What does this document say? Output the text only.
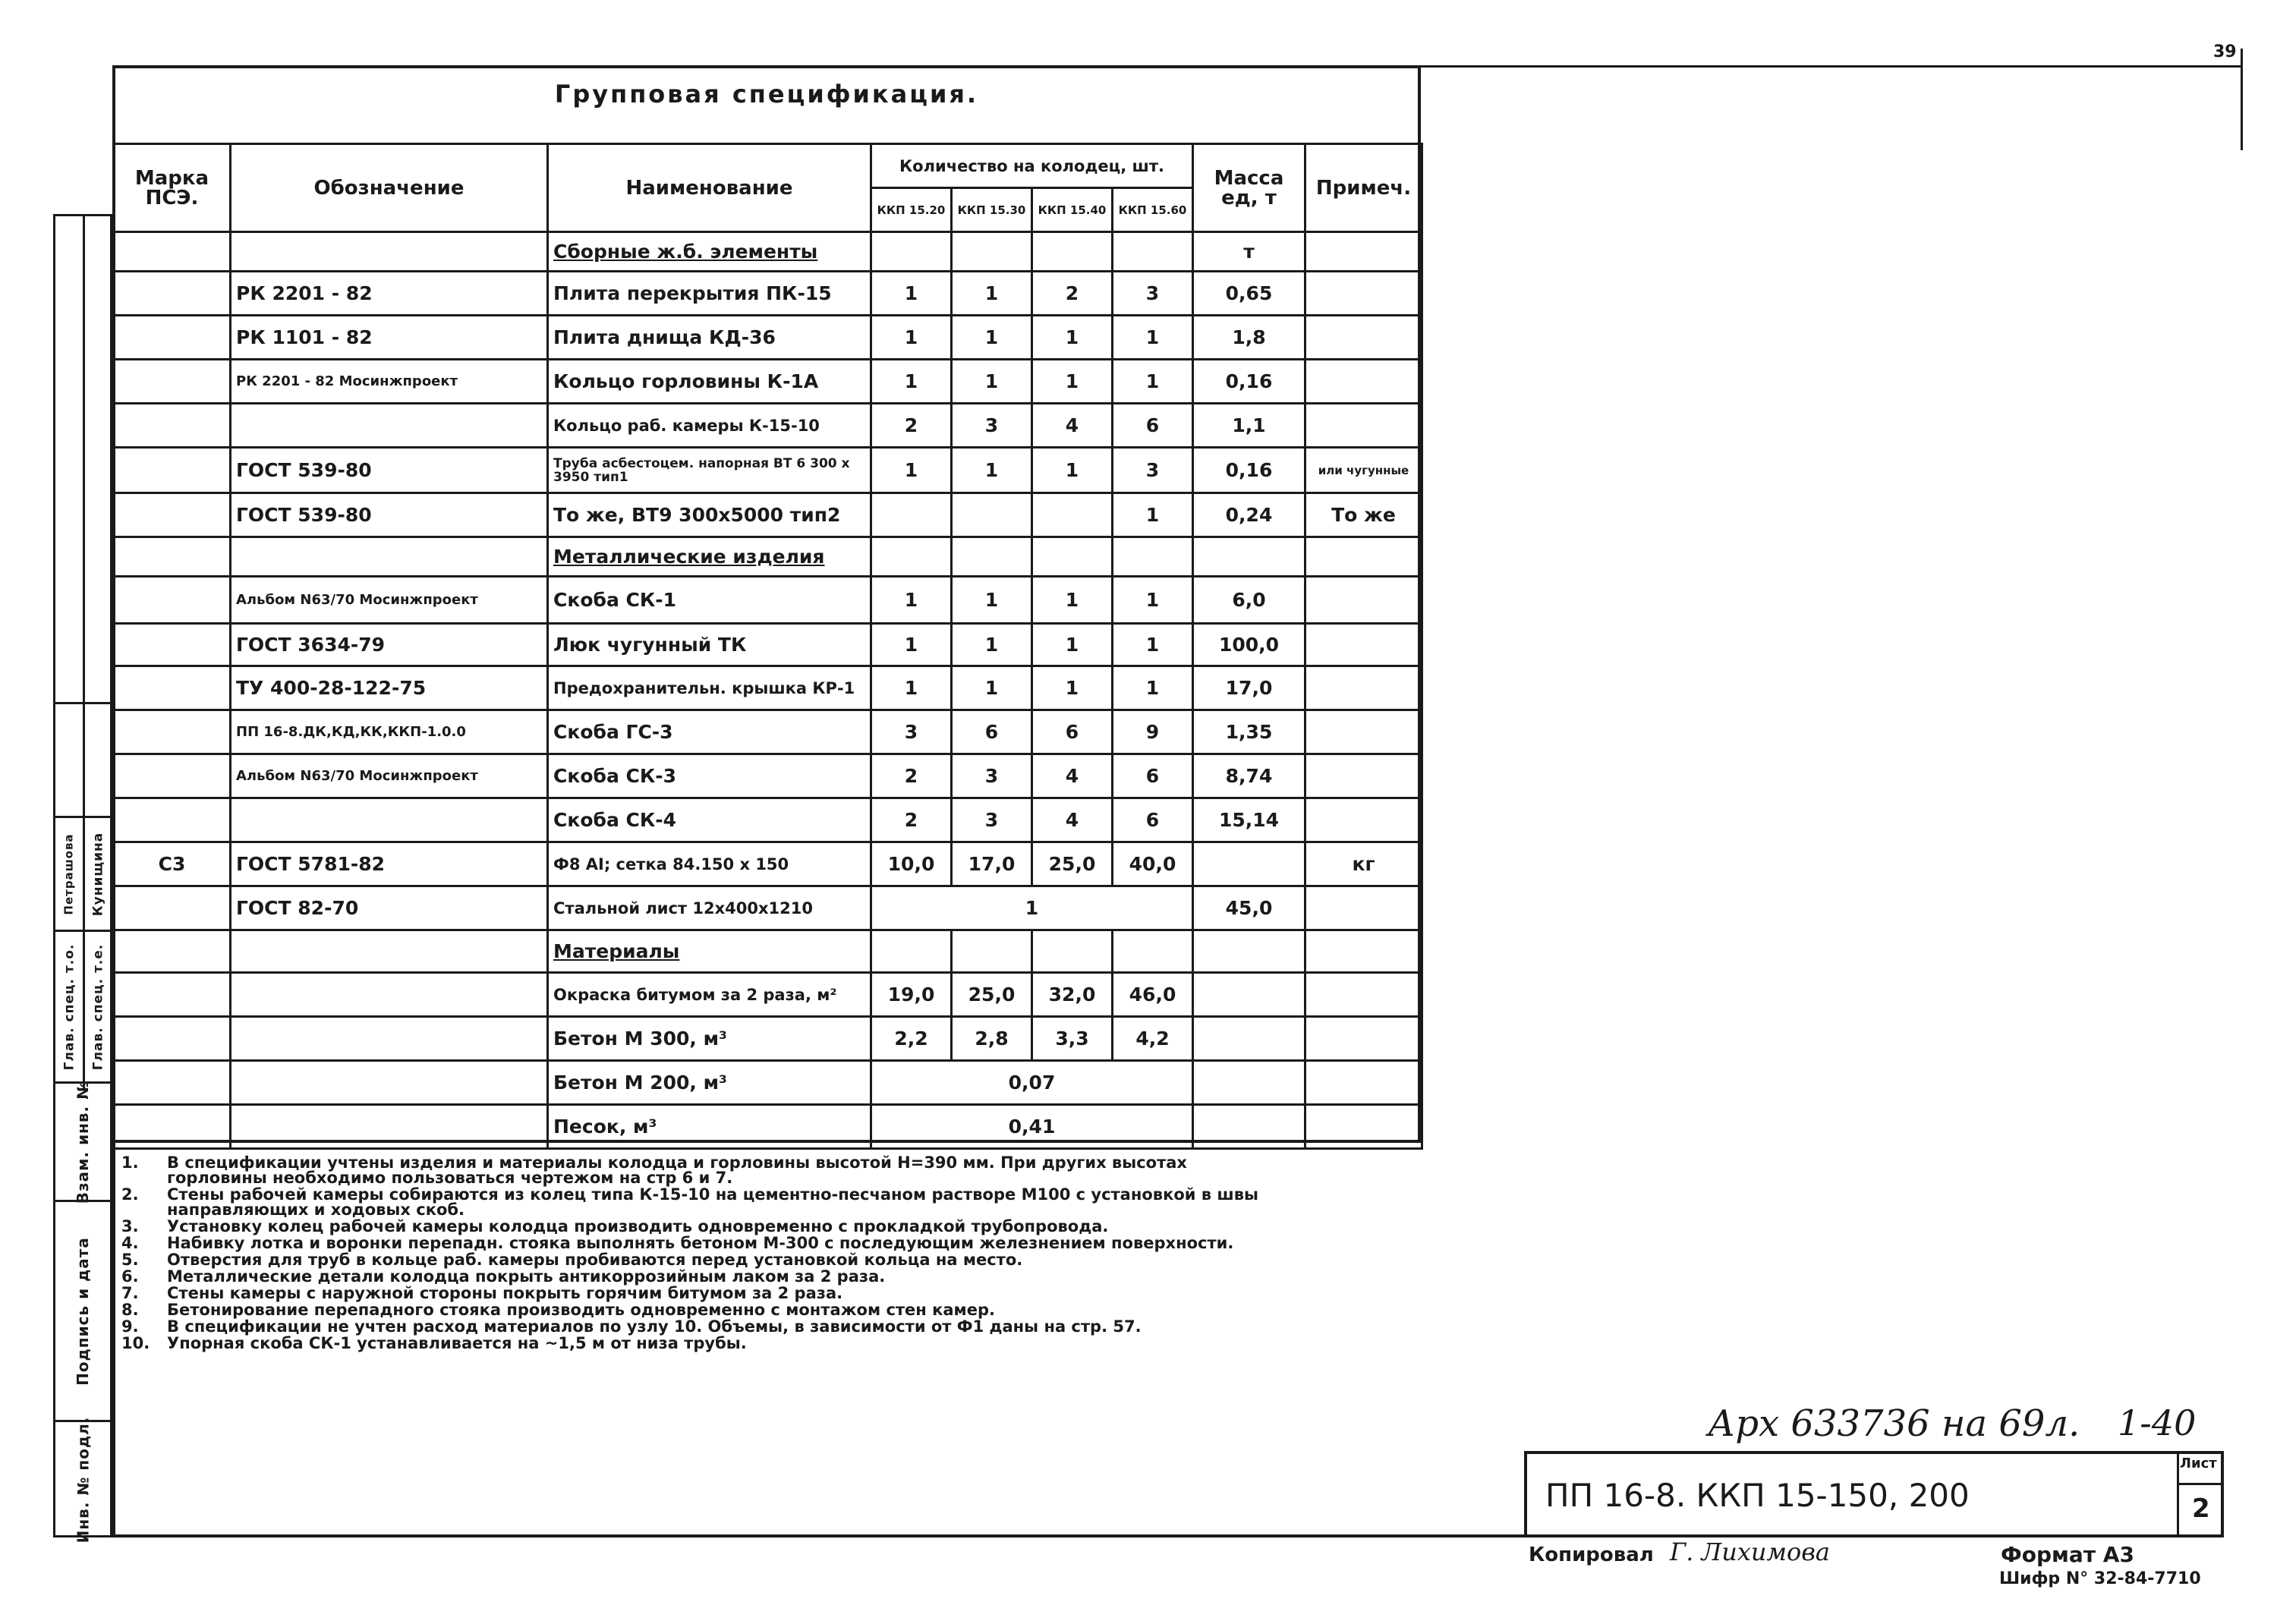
39
Групповая спецификация.
Марка ПСЭ.	Обозначение	Наименование	Количество на колодец, шт.				Масса ед, т	Примеч.
			ККП 15.20	ККП 15.30	ККП 15.40	ККП 15.60		
		Сборные ж.б. элементы					т	
	РК 2201 - 82	Плита перекрытия ПК-15	1	1	2	3	0,65	
	РК 1101 - 82	Плита днища КД-36	1	1	1	1	1,8	
	РК 2201 - 82 Мосинжпроект	Кольцо горловины К-1А	1	1	1	1	0,16	
		Кольцо раб. камеры К-15-10	2	3	4	6	1,1	
	ГОСТ 539-80	Труба асбестоцем. напорная ВТ 6 300 х 3950 тип1	1	1	1	3	0,16	или чугунные
	ГОСТ 539-80	То же, ВТ9 300х5000 тип2				1	0,24	То же
		Металлические изделия						
	Альбом N63/70 Мосинжпроект	Скоба СК-1	1	1	1	1	6,0	
	ГОСТ 3634-79	Люк чугунный ТК	1	1	1	1	100,0	
	ТУ 400-28-122-75	Предохранительн. крышка КР-1	1	1	1	1	17,0	
	ПП 16-8.ДК,КД,КК,ККП-1.0.0	Скоба ГС-3	3	6	6	9	1,35	
	Альбом N63/70 Мосинжпроект	Скоба СК-3	2	3	4	6	8,74	
		Скоба СК-4	2	3	4	6	15,14	
С3	ГОСТ 5781-82	Ф8 АI; сетка 84.150 х 150	10,0	17,0	25,0	40,0		кг
	ГОСТ 82-70	Стальной лист 12х400х1210	1				45,0	
		Материалы						
		Окраска битумом за 2 раза, м²	19,0	25,0	32,0	46,0		
		Бетон М 300, м³	2,2	2,8	3,3	4,2		
		Бетон М 200, м³	0,07					
		Песок, м³	0,41					
1.	В спецификации учтены изделия и материалы колодца и горловины высотой Н=390 мм. При других высотах горловины необходимо пользоваться чертежом на стр 6 и 7.
2.	Стены рабочей камеры собираются из колец типа К-15-10 на цементно-песчаном растворе М100 с установкой в швы направляющих и ходовых скоб.
3.	Установку колец рабочей камеры колодца производить одновременно с прокладкой трубопровода.
4.	Набивку лотка и воронки перепадн. стояка выполнять бетоном М-300 с последующим железнением поверхности.
5.	Отверстия для труб в кольце раб. камеры пробиваются перед установкой кольца на место.
6.	Металлические детали колодца покрыть антикоррозийным лаком за 2 раза.
7.	Стены камеры с наружной стороны покрыть горячим битумом за 2 раза.
8.	Бетонирование перепадного стояка производить одновременно с монтажом стен камер.
9.	В спецификации не учтен расход материалов по узлу 10. Объемы, в зависимости от Ф1 даны на стр. 57.
10.	Упорная скоба СК-1 устанавливается на ~1,5 м от низа трубы.
Инв. № подл.
Подпись и дата
Взам. инв. №
Глав. спец. т.е.
Глав. спец. т.о.
Кунищина
Петрашова
Арх 633736 на 69л. 1-40
ПП 16-8. ККП 15-150, 200
Лист
2
Копировал Г. Лихимова	Формат А3
Шифр N° 32-84-7710
